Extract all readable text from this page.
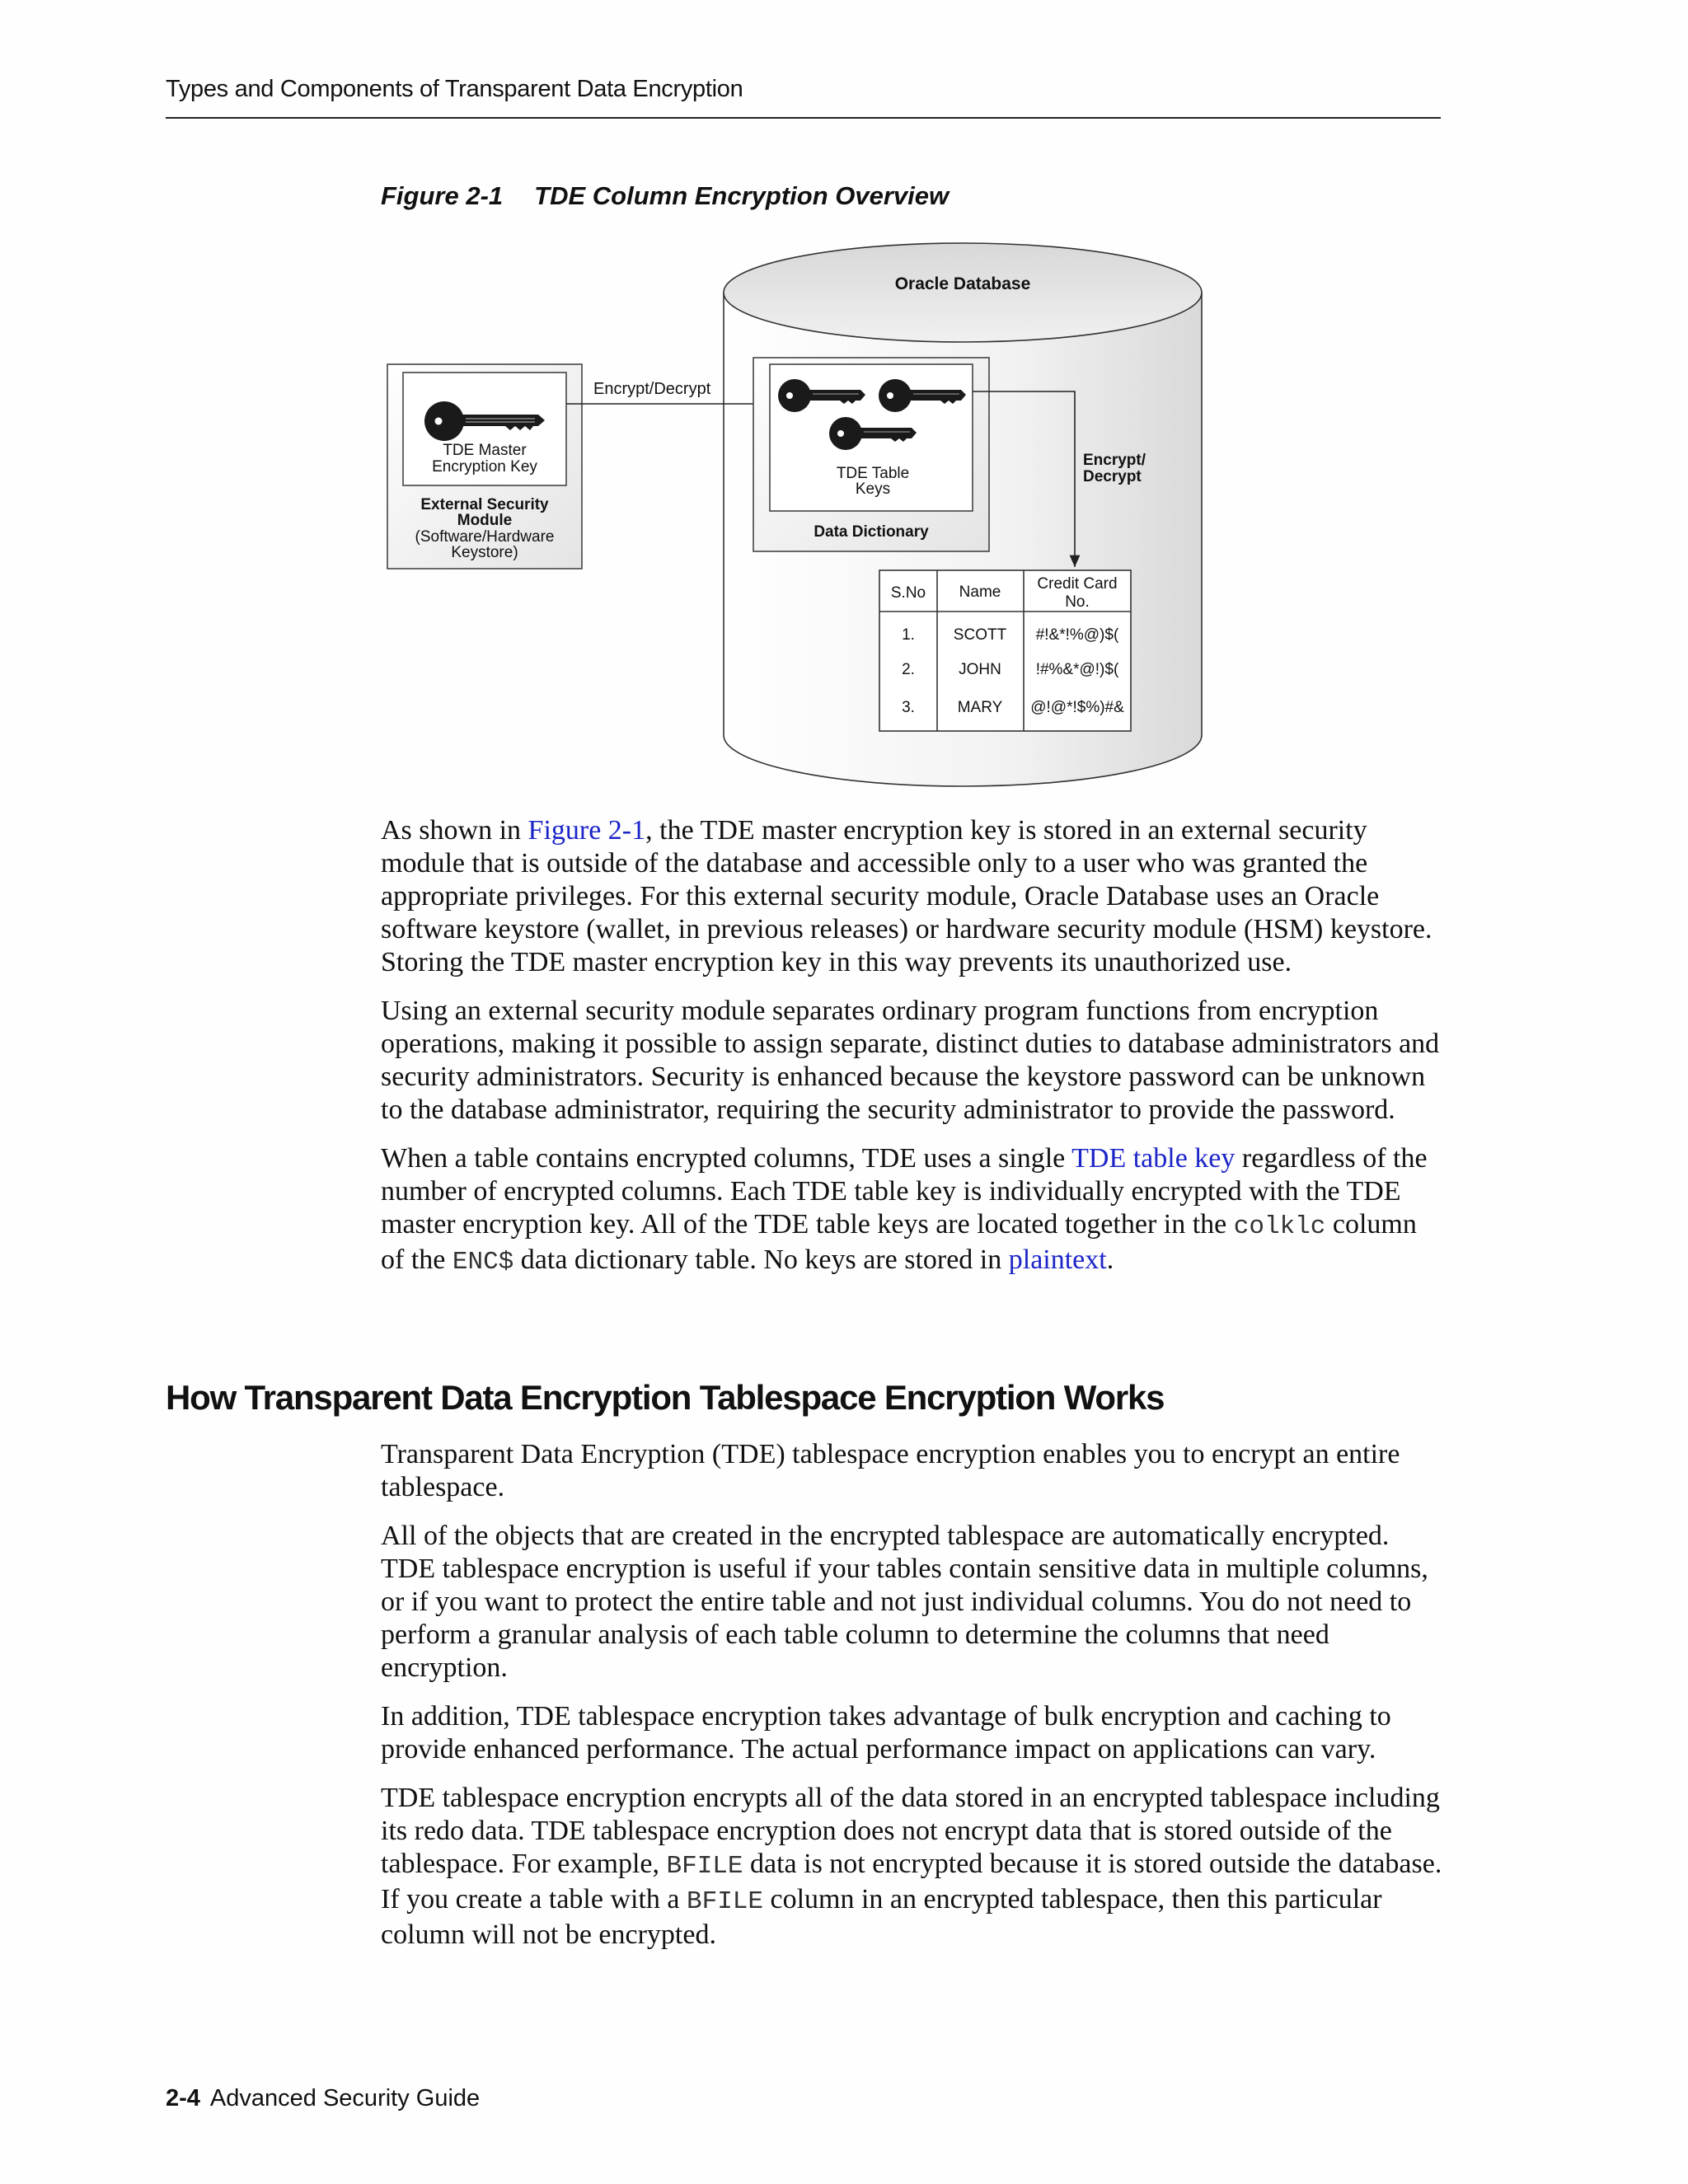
Types and Components of Transparent Data Encryption
Figure 2-1 TDE Column Encryption Overview
Oracle Database
TDE Master
Encryption Key
External Security
Module
(Software/Hardware
Keystore)
Encrypt/Decrypt
TDE Table
Keys
Data Dictionary
Encrypt/
Decrypt
S.No Name Credit Card
No.
1. SCOTT #!&*!%@)$(
2.	JOHN !#%&*@!)$(
3.	MARY @!@*!$%)#&

As shown in Figure 2-1, the TDE master encryption key is stored in an external security module that is outside of the database and accessible only to a user who was granted the appropriate privileges. For this external security module, Oracle Database uses an Oracle software keystore (wallet, in previous releases) or hardware security module (HSM) keystore. Storing the TDE master encryption key in this way prevents its unauthorized use.

Using an external security module separates ordinary program functions from encryption operations, making it possible to assign separate, distinct duties to database administrators and security administrators. Security is enhanced because the keystore password can be unknown to the database administrator, requiring the security administrator to provide the password.

When a table contains encrypted columns, TDE uses a single TDE table key regardless of the number of encrypted columns. Each TDE table key is individually encrypted with the TDE master encryption key. All of the TDE table keys are located together in the colklc column of the ENC$ data dictionary table. No keys are stored in plaintext.

How Transparent Data Encryption Tablespace Encryption Works

Transparent Data Encryption (TDE) tablespace encryption enables you to encrypt an entire tablespace.

All of the objects that are created in the encrypted tablespace are automatically encrypted. TDE tablespace encryption is useful if your tables contain sensitive data in multiple columns, or if you want to protect the entire table and not just individual columns. You do not need to perform a granular analysis of each table column to determine the columns that need encryption.

In addition, TDE tablespace encryption takes advantage of bulk encryption and caching to provide enhanced performance. The actual performance impact on applications can vary.

TDE tablespace encryption encrypts all of the data stored in an encrypted tablespace including its redo data. TDE tablespace encryption does not encrypt data that is stored outside of the tablespace. For example, BFILE data is not encrypted because it is stored outside the database. If you create a table with a BFILE column in an encrypted tablespace, then this particular column will not be encrypted.

2-4 Advanced Security Guide
